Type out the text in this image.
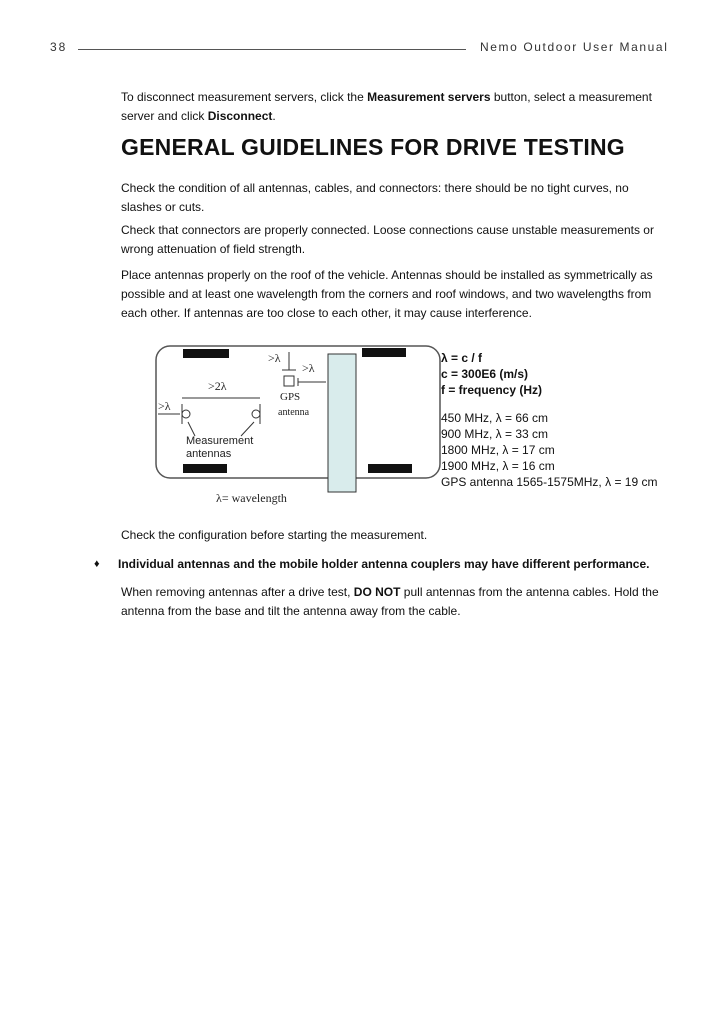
38	Nemo Outdoor User Manual

To disconnect measurement servers, click the Measurement servers button, select a measurement server and click Disconnect.

GENERAL GUIDELINES FOR DRIVE TESTING

Check the condition of all antennas, cables, and connectors: there should be no tight curves, no slashes or cuts.

Check that connectors are properly connected. Loose connections cause unstable measurements or wrong attenuation of field strength.

Place antennas properly on the roof of the vehicle. Antennas should be installed as symmetrically as possible and at least one wavelength from the corners and roof windows, and two wavelengths from each other. If antennas are too close to each other, it may cause interference.

>λ
>λ
>2λ
>λ
GPS
antenna
Measurement
antennas
λ= wavelength
λ = c / f
c = 300E6 (m/s)
f = frequency (Hz)
450 MHz, λ = 66 cm
900 MHz, λ = 33 cm
1800 MHz, λ = 17 cm
1900 MHz, λ = 16 cm
GPS antenna 1565-1575MHz, λ = 19 cm

Check the configuration before starting the measurement.

♦ Individual antennas and the mobile holder antenna couplers may have different performance.

When removing antennas after a drive test, DO NOT pull antennas from the antenna cables. Hold the antenna from the base and tilt the antenna away from the cable.
